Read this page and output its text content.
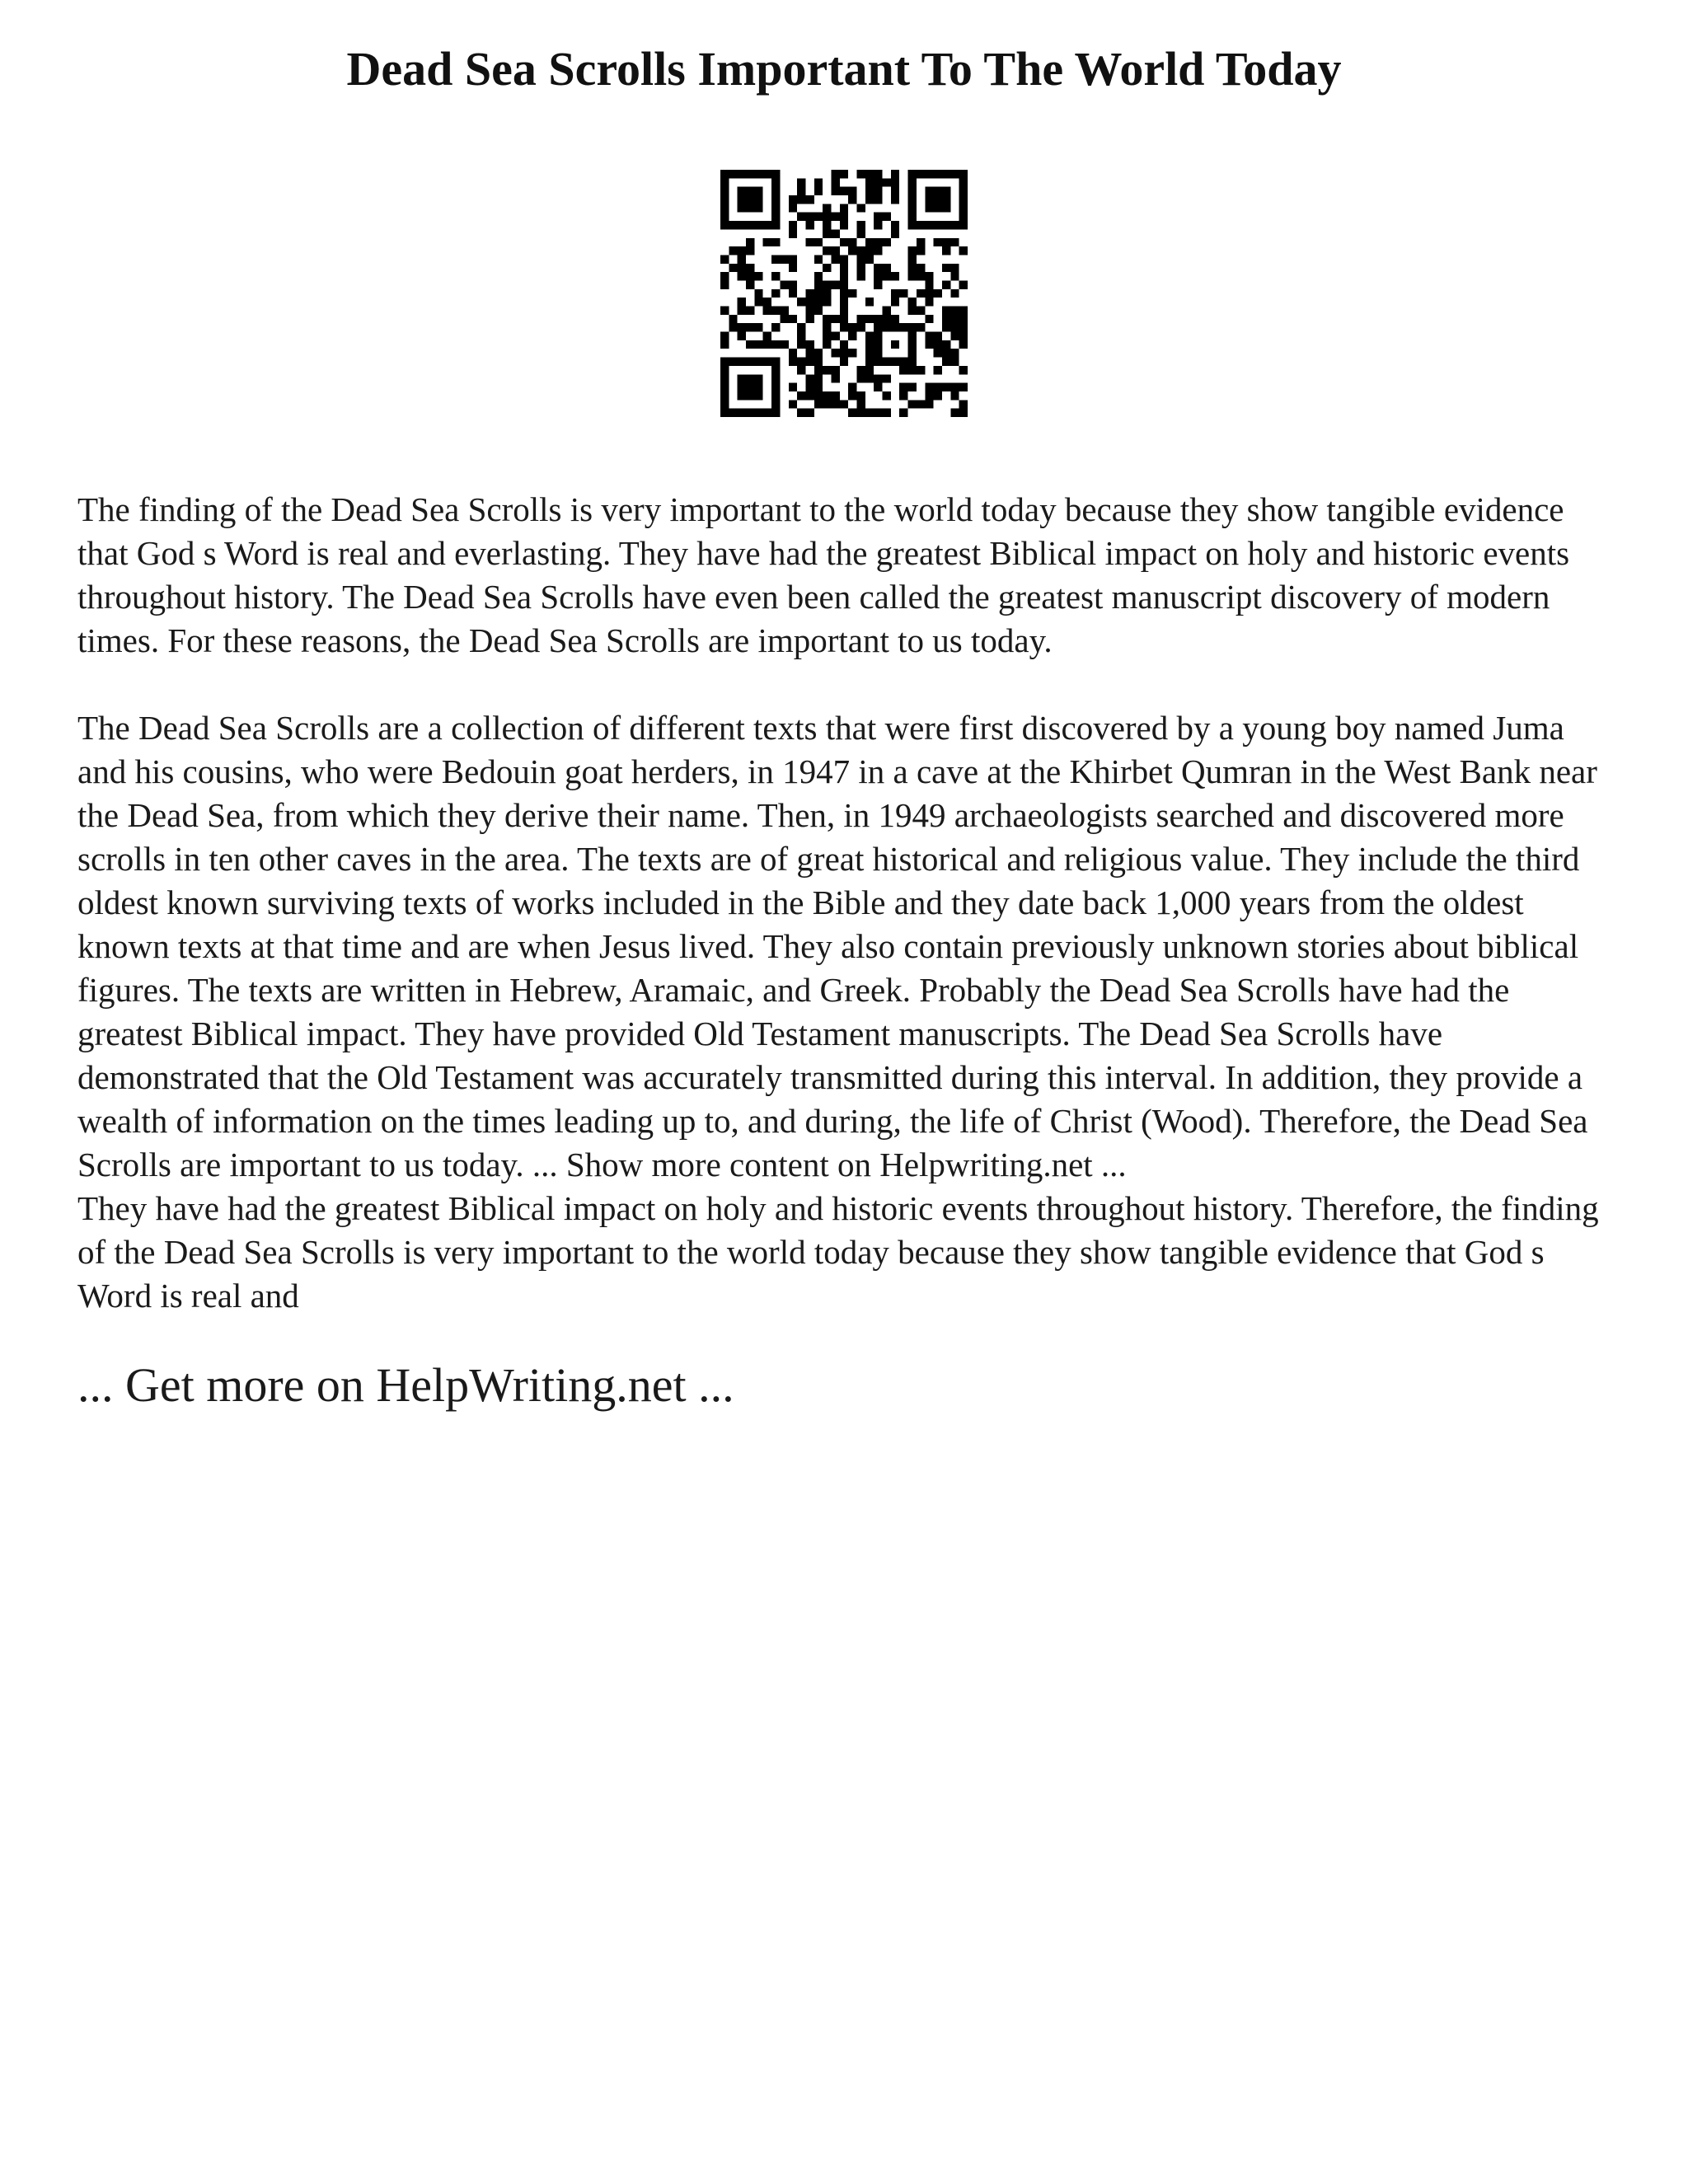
Dead Sea Scrolls Important To The World Today

The finding of the Dead Sea Scrolls is very important to the world today because they show tangible evidence that God s Word is real and everlasting. They have had the greatest Biblical impact on holy and historic events throughout history. The Dead Sea Scrolls have even been called the greatest manuscript discovery of modern times. For these reasons, the Dead Sea Scrolls are important to us today.

The Dead Sea Scrolls are a collection of different texts that were first discovered by a young boy named Juma and his cousins, who were Bedouin goat herders, in 1947 in a cave at the Khirbet Qumran in the West Bank near the Dead Sea, from which they derive their name. Then, in 1949 archaeologists searched and discovered more scrolls in ten other caves in the area. The texts are of great historical and religious value. They include the third oldest known surviving texts of works included in the Bible and they date back 1,000 years from the oldest known texts at that time and are when Jesus lived. They also contain previously unknown stories about biblical figures. The texts are written in Hebrew, Aramaic, and Greek. Probably the Dead Sea Scrolls have had the greatest Biblical impact. They have provided Old Testament manuscripts. The Dead Sea Scrolls have demonstrated that the Old Testament was accurately transmitted during this interval. In addition, they provide a wealth of information on the times leading up to, and during, the life of Christ (Wood). Therefore, the Dead Sea Scrolls are important to us today. ... Show more content on Helpwriting.net ...

They have had the greatest Biblical impact on holy and historic events throughout history. Therefore, the finding of the Dead Sea Scrolls is very important to the world today because they show tangible evidence that God s Word is real and

... Get more on HelpWriting.net ...
